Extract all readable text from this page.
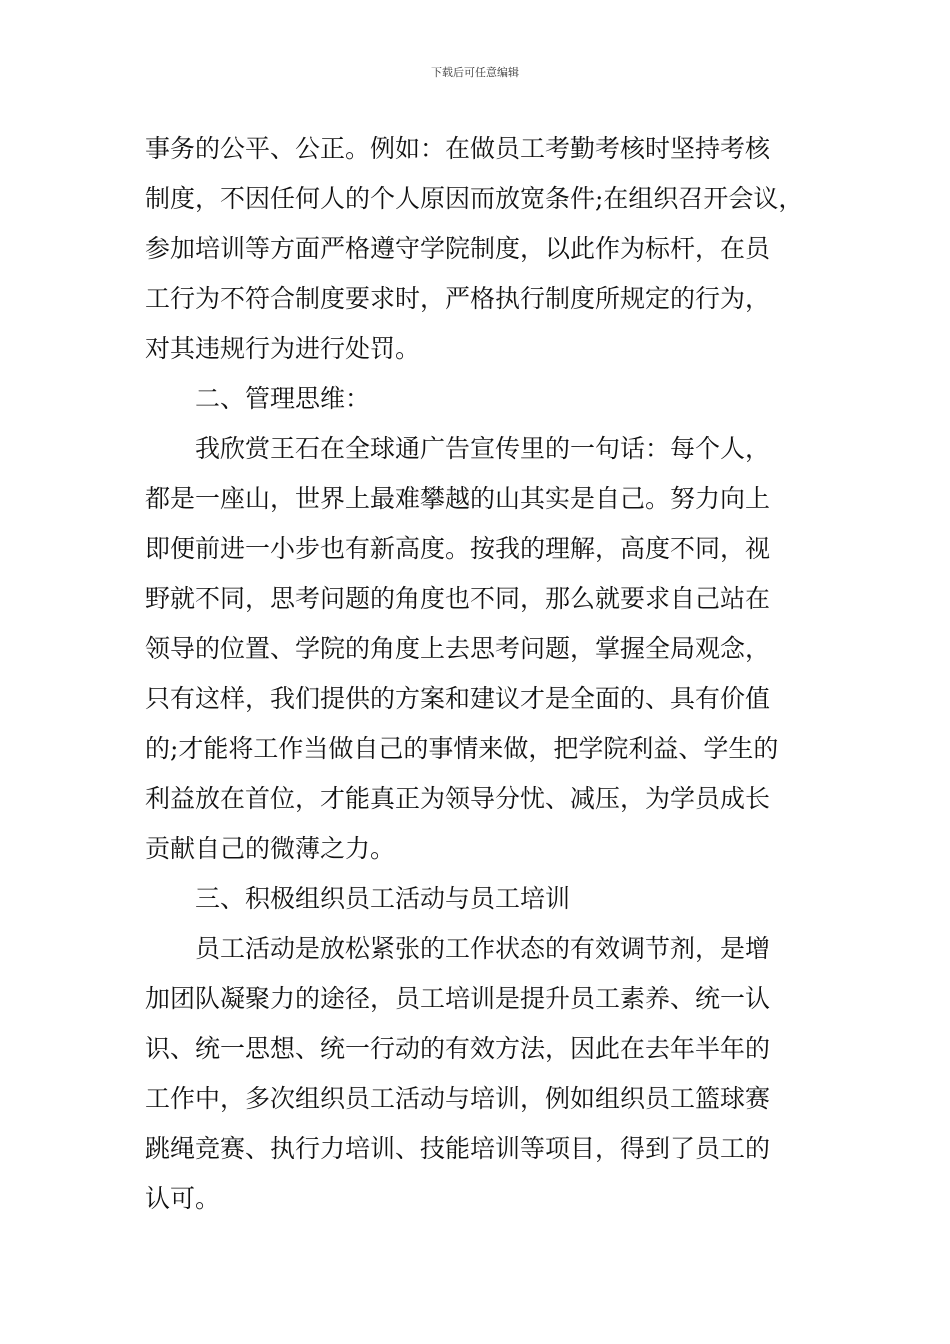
下载后可任意编辑
事务的公平、公正。例如：在做员工考勤考核时坚持考核
制度，不因任何人的个人原因而放宽条件;在组织召开会议，
参加培训等方面严格遵守学院制度，以此作为标杆，在员
工行为不符合制度要求时，严格执行制度所规定的行为，
对其违规行为进行处罚。
二、管理思维：
我欣赏王石在全球通广告宣传里的一句话：每个人，
都是一座山，世界上最难攀越的山其实是自己。努力向上
即便前进一小步也有新高度。按我的理解，高度不同，视
野就不同，思考问题的角度也不同，那么就要求自己站在
领导的位置、学院的角度上去思考问题，掌握全局观念，
只有这样，我们提供的方案和建议才是全面的、具有价值
的;才能将工作当做自己的事情来做，把学院利益、学生的
利益放在首位，才能真正为领导分忧、减压，为学员成长
贡献自己的微薄之力。
三、积极组织员工活动与员工培训
员工活动是放松紧张的工作状态的有效调节剂，是增
加团队凝聚力的途径，员工培训是提升员工素养、统一认
识、统一思想、统一行动的有效方法，因此在去年半年的
工作中，多次组织员工活动与培训，例如组织员工篮球赛
跳绳竞赛、执行力培训、技能培训等项目，得到了员工的
认可。
